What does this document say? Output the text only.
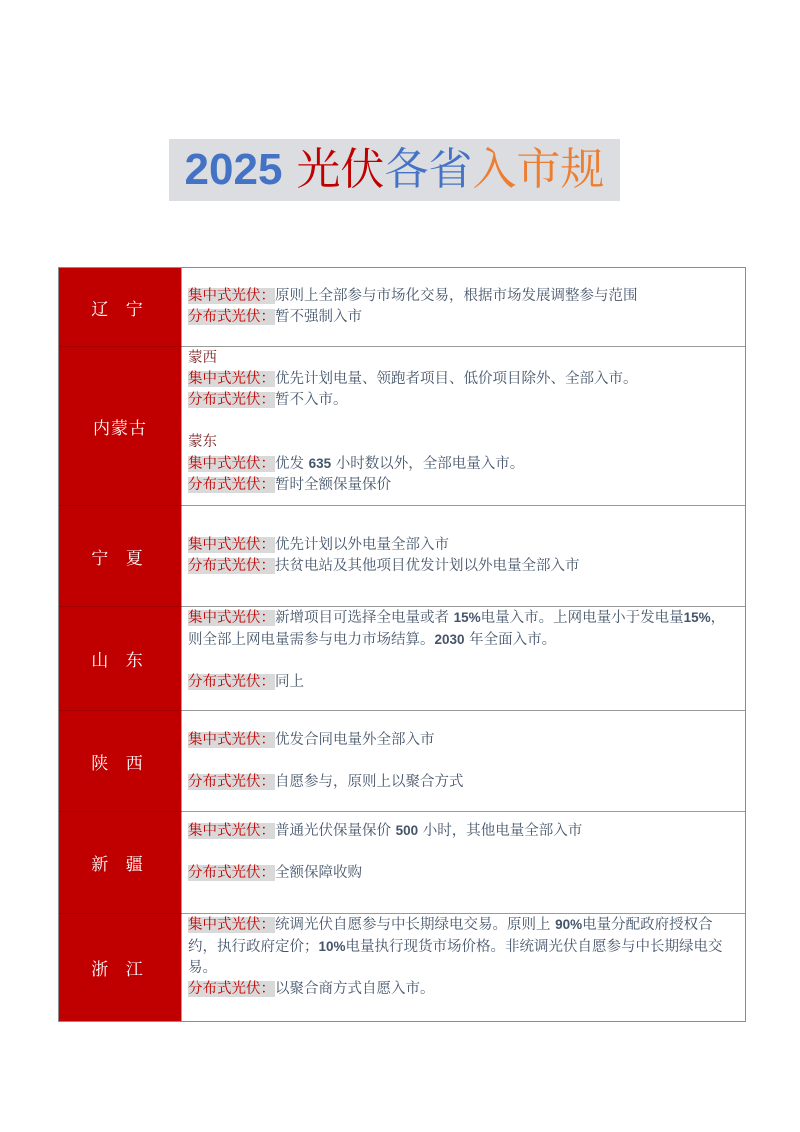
2025 光伏 各省 入市规
辽 宁
集中式光伏：原则上全部参与市场化交易，根据市场发展调整参与范围
分布式光伏：暂不强制入市
内蒙古
蒙西
集中式光伏：优先计划电量、领跑者项目、低价项目除外、全部入市。
分布式光伏：暂不入市。
蒙东
集中式光伏：优发 635 小时数以外，全部电量入市。
分布式光伏：暂时全额保量保价
宁 夏
集中式光伏：优先计划以外电量全部入市
分布式光伏：扶贫电站及其他项目优发计划以外电量全部入市
山 东
集中式光伏：新增项目可选择全电量或者 15%电量入市。上网电量小于发电量15%，则全部上网电量需参与电力市场结算。2030 年全面入市。
分布式光伏：同上
陕 西
集中式光伏：优发合同电量外全部入市
分布式光伏：自愿参与，原则上以聚合方式
新 疆
集中式光伏：普通光伏保量保价 500 小时，其他电量全部入市
分布式光伏：全额保障收购
浙 江
集中式光伏：统调光伏自愿参与中长期绿电交易。原则上 90%电量分配政府授权合约，执行政府定价；10%电量执行现货市场价格。非统调光伏自愿参与中长期绿电交易。
分布式光伏：以聚合商方式自愿入市。
